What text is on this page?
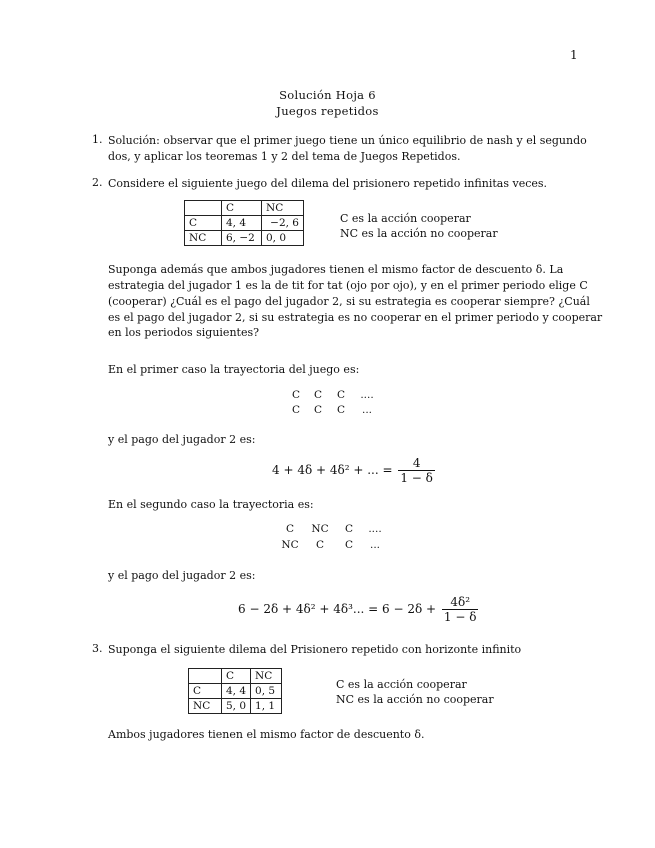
1
Solución Hoja 6
Juegos repetidos
1. Solución: observar que el primer juego tiene un único equilibrio de nash y el segundo
dos, y aplicar los teoremas 1 y 2 del tema de Juegos Repetidos.
2. Considere el siguiente juego del dilema del prisionero repetido infinitas veces.
	C	NC
C	4, 4	−2, 6
NC	6, −2	0, 0
C es la acción cooperar
NC es la acción no cooperar
Suponga además que ambos jugadores tienen el mismo factor de descuento δ. La
estrategia del jugador 1 es la de tit for tat (ojo por ojo), y en el primer periodo elige C
(cooperar) ¿Cuál es el pago del jugador 2, si su estrategia es cooperar siempre? ¿Cuál
es el pago del jugador 2, si su estrategia es no cooperar en el primer periodo y cooperar
en los periodos siguientes?
En el primer caso la trayectoria del juego es:
C C C ....
C C C ...
y el pago del jugador 2 es:
4 + 4δ + 4δ² + ... = $\frac{4}{1 - \delta}$
En el segundo caso la trayectoria es:
C NC C ....
NC C C ...
y el pago del jugador 2 es:
6 − 2δ + 4δ² + 4δ³... = $6 - 2\delta + \frac{\text{4δ²}}{1 - \delta}$
3. Suponga el siguiente dilema del Prisionero repetido con horizonte infinito
	C	NC
C	4, 4	0, 5
NC	5, 0	1, 1
C es la acción cooperar
NC es la acción no cooperar
Ambos jugadores tienen el mismo factor de descuento δ.
